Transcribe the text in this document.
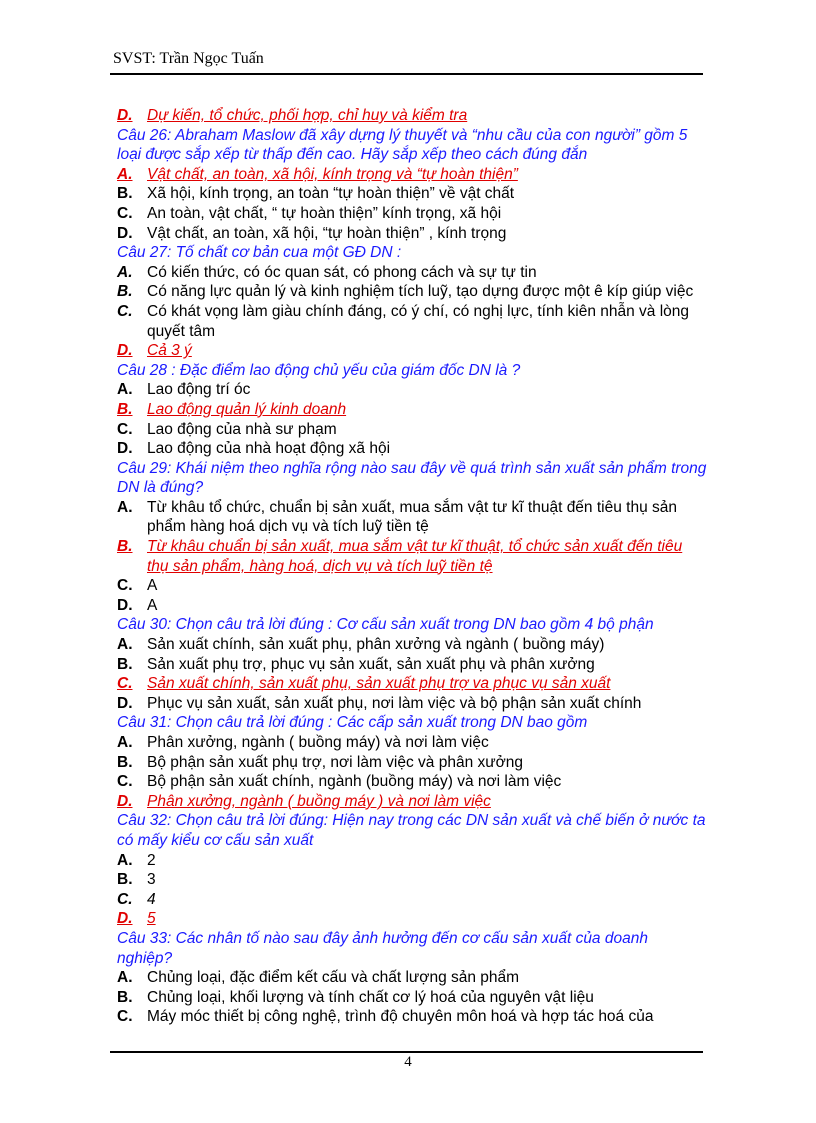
SVST: Trần Ngọc Tuấn
D. Dự kiến, tổ chức, phối hợp, chỉ huy và kiểm tra
Câu 26: Abraham Maslow đã xây dựng lý thuyết và “nhu cầu của con người” gồm 5 loại được sắp xếp từ thấp đến cao. Hãy sắp xếp theo cách đúng đắn
A. Vật chất, an toàn, xã hội, kính trọng và “tự hoàn thiện”
B. Xã hội, kính trọng, an toàn “tự hoàn thiện” về vật chất
C. An toàn, vật chất, “ tự hoàn thiện” kính trọng, xã hội
D. Vật chất, an toàn, xã hội, “tự hoàn thiện” , kính trọng
Câu 27: Tố chất cơ bản cua một GĐ DN :
A. Có kiến thức, có óc quan sát, có phong cách và sự tự tin
B. Có năng lực quản lý và kinh nghiệm tích luỹ, tạo dựng được một ê kíp giúp việc
C. Có khát vọng làm giàu chính đáng, có ý chí, có nghị lực, tính kiên nhẫn và lòng quyết tâm
D. Cả 3 ý
Câu 28 : Đặc điểm lao động chủ yếu của giám đốc DN là ?
A. Lao động trí óc
B. Lao động quản lý kinh doanh
C. Lao động của nhà sư phạm
D. Lao động của nhà hoạt động xã hội
Câu 29: Khái niệm theo nghĩa rộng nào sau đây về quá trình sản xuất sản phẩm trong DN là đúng?
A. Từ khâu tổ chức, chuẩn bị sản xuất, mua sắm vật tư kĩ thuật đến tiêu thụ sản phẩm hàng hoá dịch vụ và tích luỹ tiền tệ
B. Từ khâu chuẩn bị sản xuất, mua sắm vật tư kĩ thuật, tổ chức sản xuất đến tiêu thụ sản phẩm, hàng hoá, dịch vụ và tích luỹ tiền tệ
C. A
D. A
Câu 30: Chọn câu trả lời đúng : Cơ cấu sản xuất trong DN bao gồm 4 bộ phận
A. Sản xuất chính, sản xuất phụ, phân xưởng và ngành ( buồng máy)
B. Sản xuất phụ trợ, phục vụ sản xuất, sản xuất phụ và phân xưởng
C. Sản xuất chính, sản xuất phụ, sản xuất phụ trợ va phục vụ sản xuất
D. Phục vụ sản xuất, sản xuất phụ, nơi làm việc và bộ phận sản xuất chính
Câu 31: Chọn câu trả lời đúng : Các cấp sản xuất trong DN bao gồm
A. Phân xưởng, ngành ( buồng máy) và nơi làm việc
B. Bộ phận sản xuất phụ trợ, nơi làm việc và phân xưởng
C. Bộ phận sản xuất chính, ngành (buồng máy) và nơi làm việc
D. Phân xưởng, ngành ( buồng máy ) và nơi làm việc
Câu 32: Chọn câu trả lời đúng: Hiện nay trong các DN sản xuất và chế biến ở nước ta có mấy kiểu cơ cấu sản xuất
A. 2
B. 3
C. 4
D. 5
Câu 33: Các nhân tố nào sau đây ảnh hưởng đến cơ cấu sản xuất của doanh nghiệp?
A. Chủng loại, đặc điểm kết cấu và chất lượng sản phẩm
B. Chủng loại, khối lượng và tính chất cơ lý hoá của nguyên vật liệu
C. Máy móc thiết bị công nghệ, trình độ chuyên môn hoá và hợp tác hoá của
4
